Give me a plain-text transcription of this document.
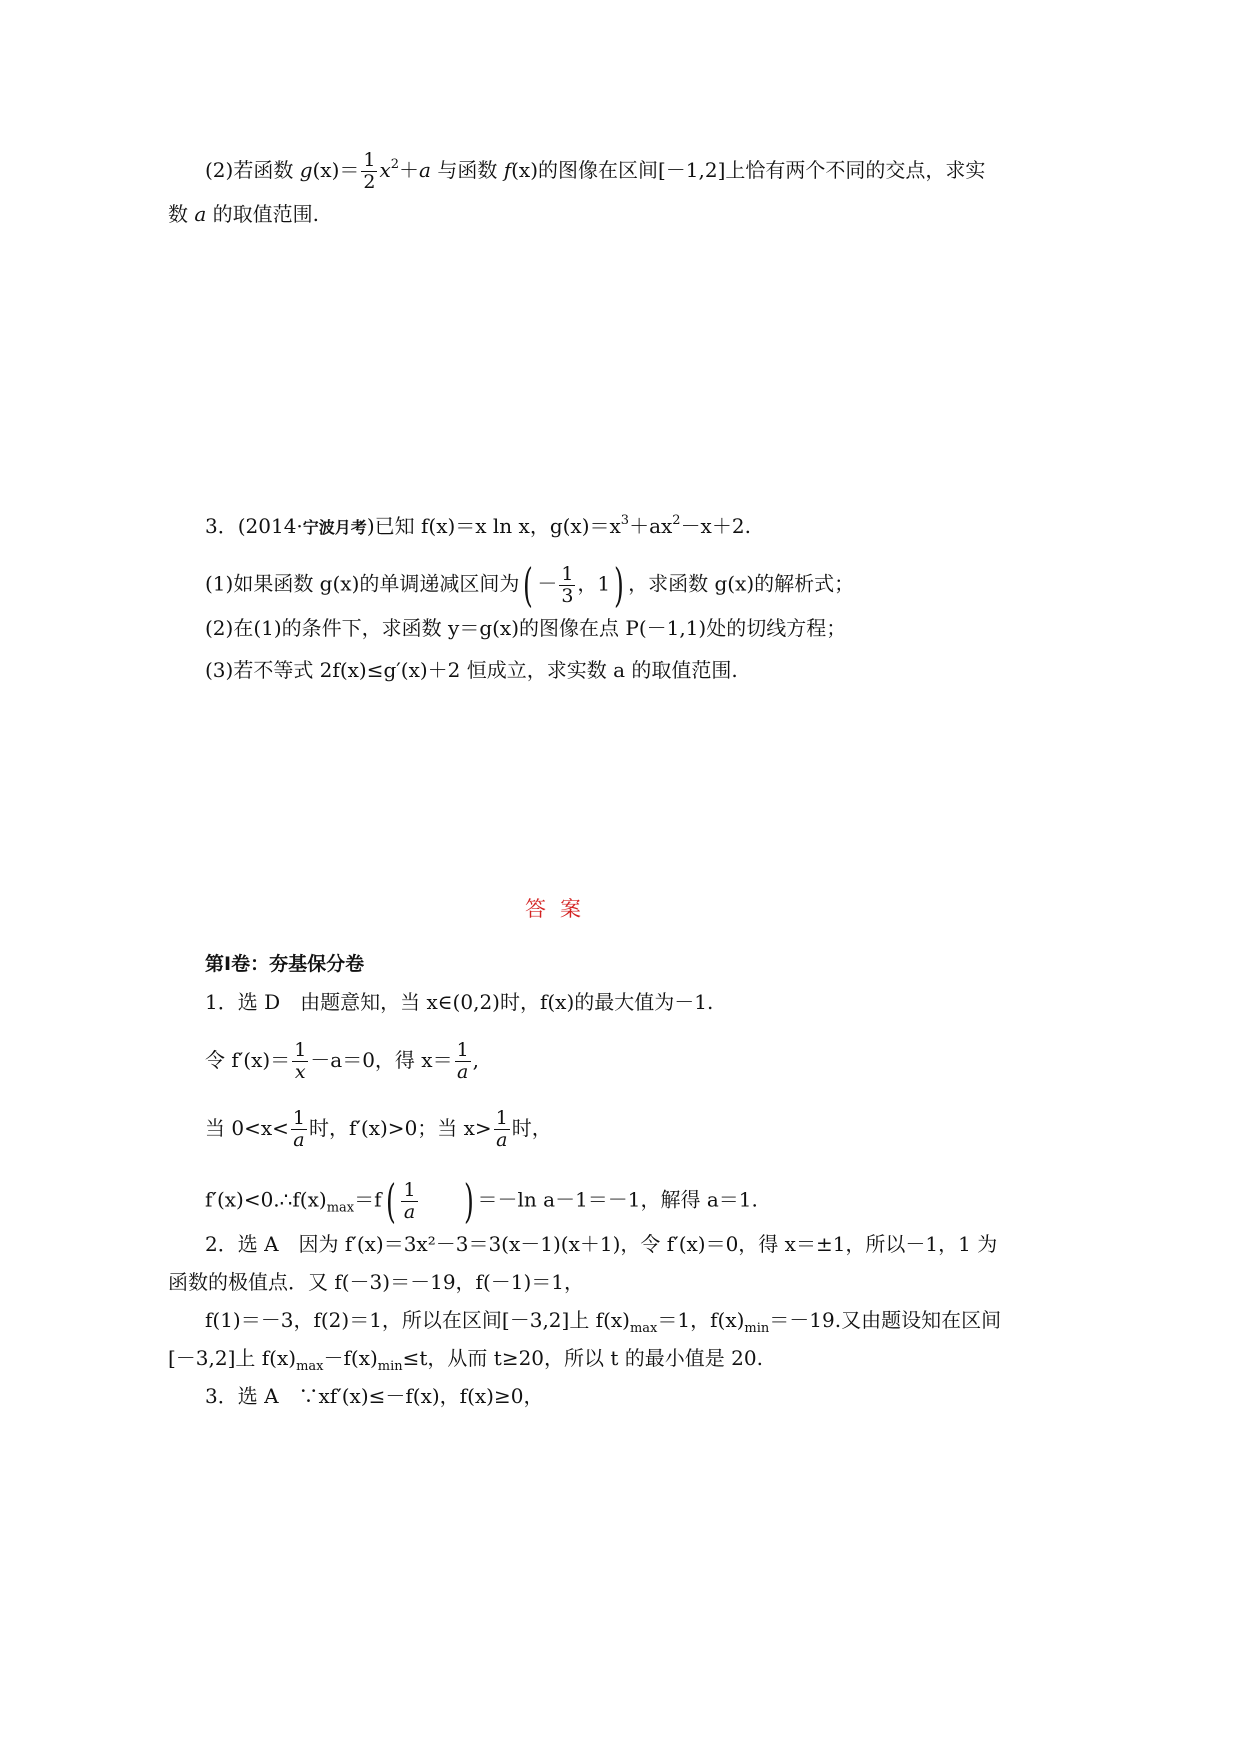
(2)若函数 $g(x)= \frac{1}{2} x^2+a$ 与函数 f(x)的图像在区间[－1,2]上恰有两个不同的交点，求实
数 a 的取值范围.
3．(2014·宁波月考)已知 f(x)＝x ln x，$g(x)=x^3+ax^2-x+2$.
(1)如果函数 g(x)的单调递减区间为( － $\frac{1}{3}$ ，1) ，求函数 g(x)的解析式；
(2)在(1)的条件下，求函数 y＝g(x)的图像在点 P(－1,1)处的切线方程；
(3)若不等式 2f(x)≤g′(x)＋2 恒成立，求实数 a 的取值范围.
答案
第Ⅰ卷：夯基保分卷
1．选 D　由题意知，当 x∈(0,2)时，f(x)的最大值为－1.
令 $f'(x)= \frac{1}{x} -a=0$，得 $x= \frac{1}{a}$ ,
当 $0<x< \frac{1}{a}$ 时，f′(x)>0；当 $x> \frac{1}{a}$ 时，
$f'(x)<0.\therefore f(x)_{max}=f( \frac{1}{a}$ ) ＝－ln a－1＝－1，解得 a＝1.
2．选 A　因为 f′(x)＝3x²－3＝3(x－1)(x＋1)，令 f′(x)＝0，得 x＝±1，所以－1，1 为
函数的极值点．又 f(－3)＝－19，f(－1)＝1，
f(1)＝－3，f(2)＝1，所以在区间[－3,2]上 $f(x)_{max}=1$，$f(x)_{min}=-19$.又由题设知在区间
[－3,2]上 $f(x)_{max}-f(x)_{min}\le t$，从而 t≥20，所以 t 的最小值是 20.
3．选 A　∵xf′(x)≤－f(x)，f(x)≥0，
